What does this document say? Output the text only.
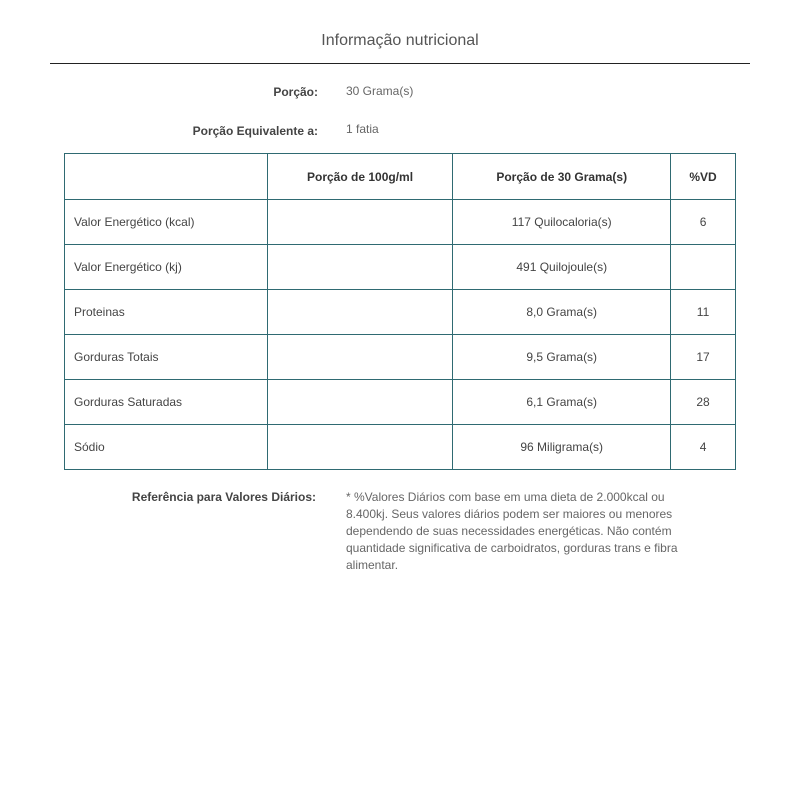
Informação nutricional
Porção: 30 Grama(s)
Porção Equivalente a: 1 fatia
	Porção de 100g/ml	Porção de 30 Grama(s)	%VD
Valor Energético (kcal)		117 Quilocaloria(s)	6
Valor Energético (kj)		491 Quilojoule(s)	
Proteinas		8,0 Grama(s)	11
Gorduras Totais		9,5 Grama(s)	17
Gorduras Saturadas		6,1 Grama(s)	28
Sódio		96 Miligrama(s)	4
Referência para Valores Diários:	* %Valores Diários com base em uma dieta de 2.000kcal ou 8.400kj. Seus valores diários podem ser maiores ou menores dependendo de suas necessidades energéticas. Não contém quantidade significativa de carboidratos, gorduras trans e fibra alimentar.
